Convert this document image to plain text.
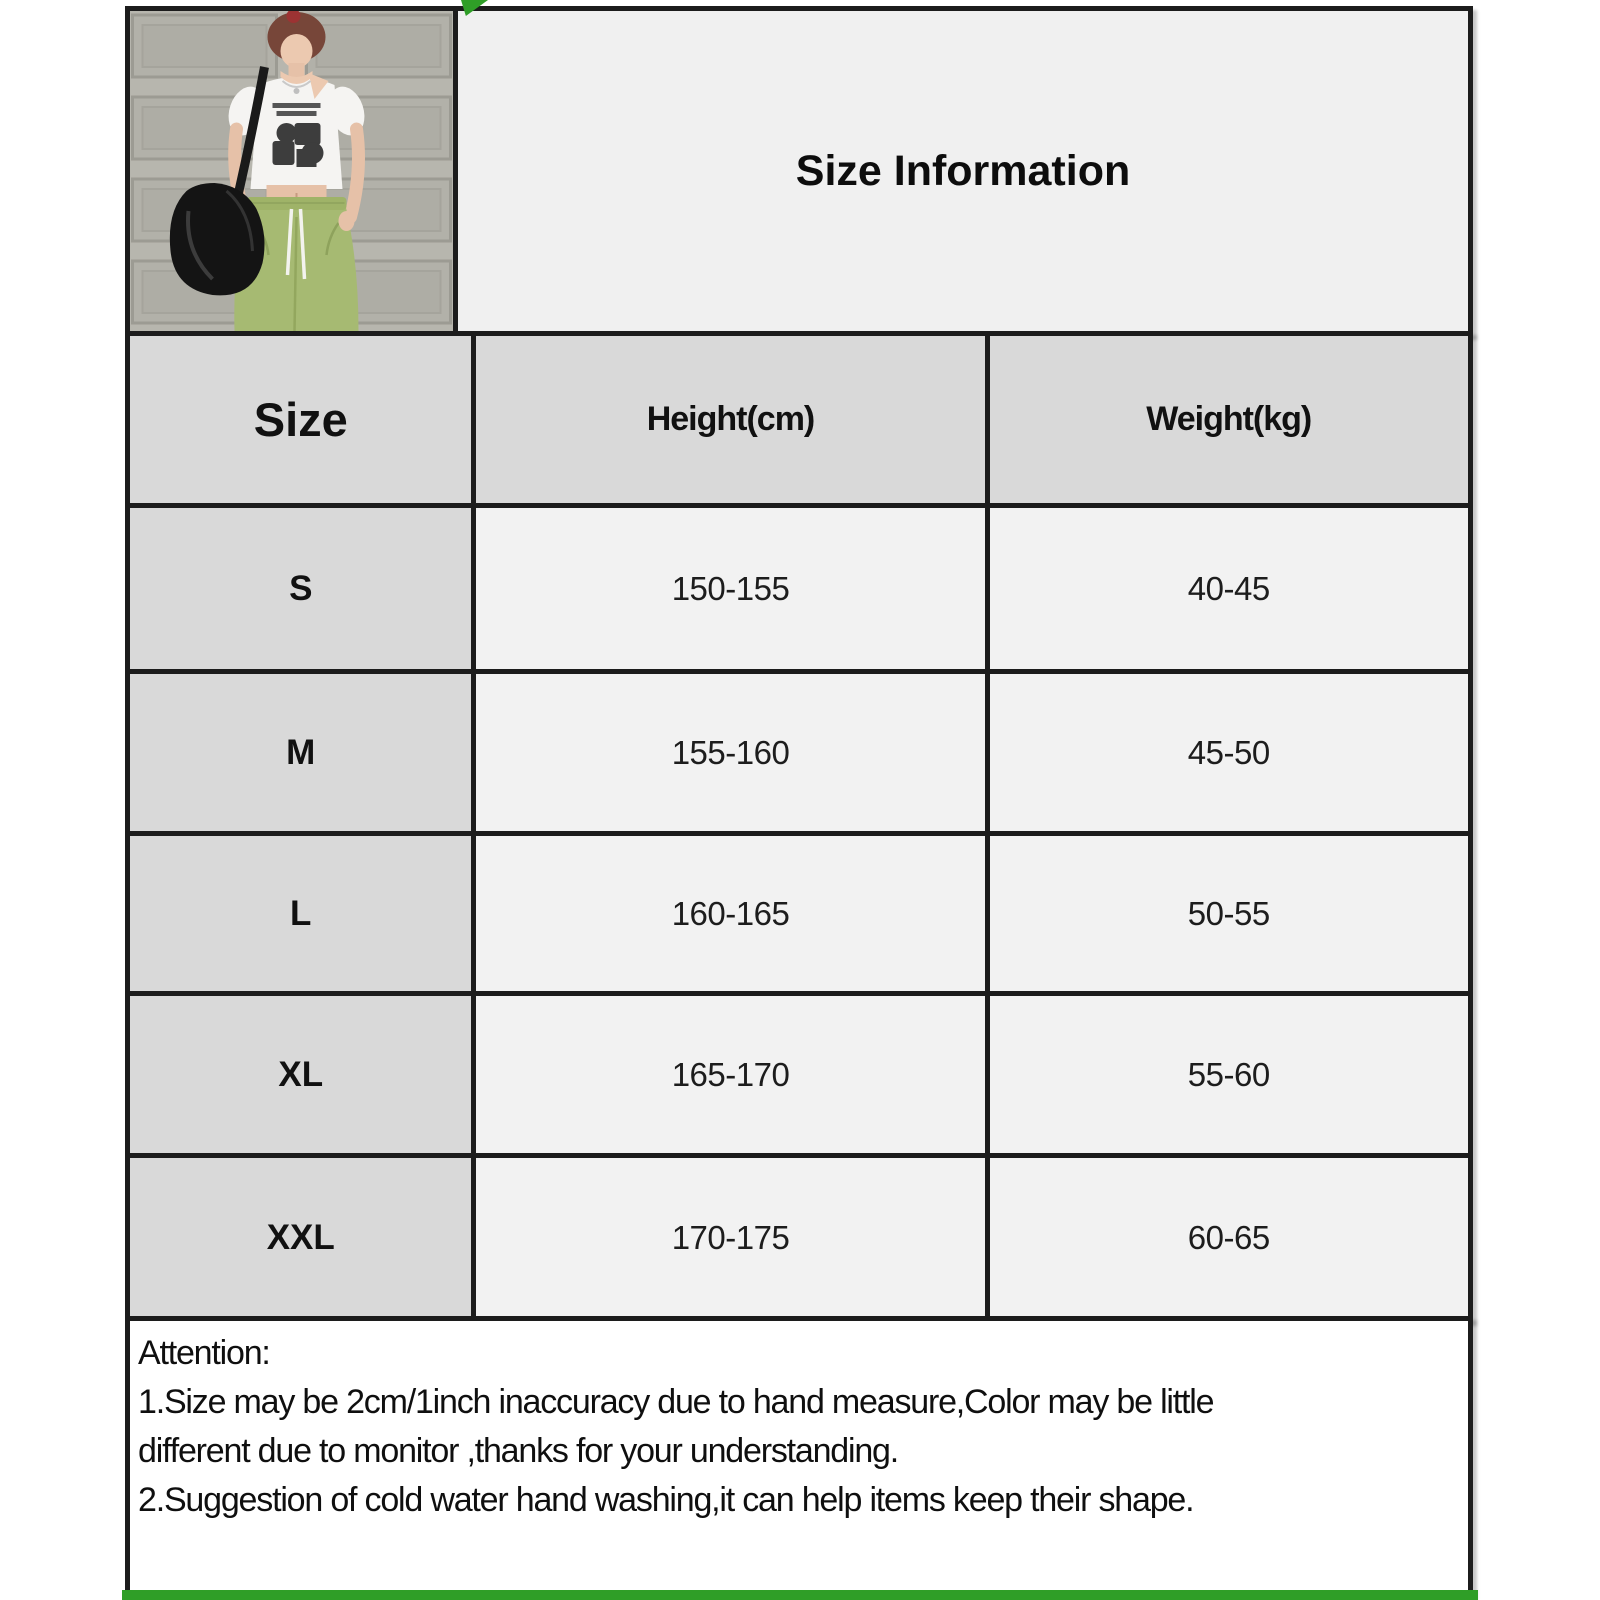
Size Information
Size	Height(cm)	Weight(kg)
S	150-155	40-45
M	155-160	45-50
L	160-165	50-55
XL	165-170	55-60
XXL	170-175	60-65
Attention:
1.Size may be 2cm/1inch inaccuracy due to hand measure,Color may be little
different due to monitor ,thanks for your understanding.
2.Suggestion of cold water hand washing,it can help items keep their shape.
